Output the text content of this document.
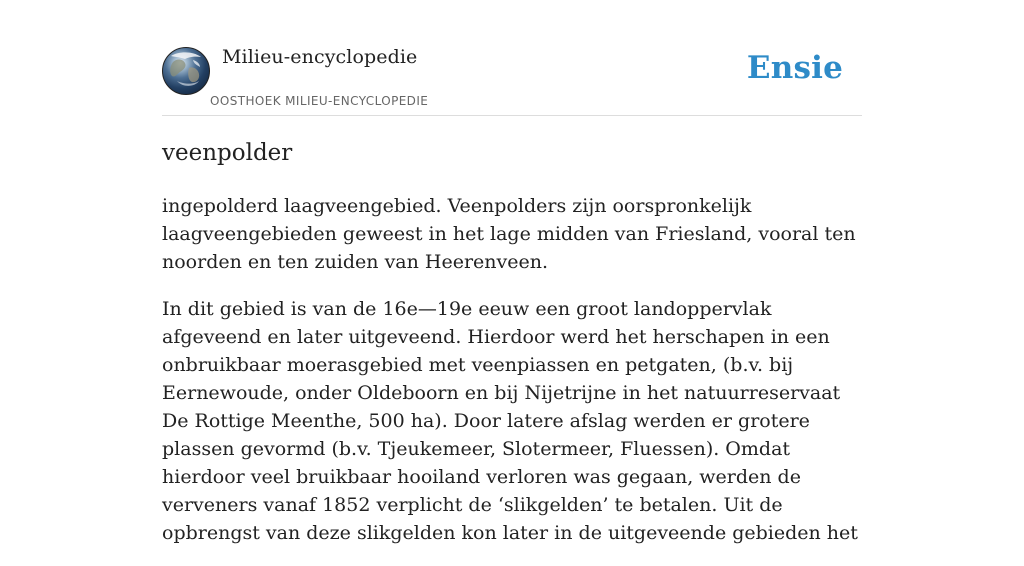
Milieu-encyclopedie
OOSTHOEK MILIEU-ENCYCLOPEDIE
Ensie
veenpolder

ingepolderd laagveengebied. Veenpolders zijn oorspronkelijk laagveengebieden geweest in het lage midden van Friesland, vooral ten noorden en ten zuiden van Heerenveen.

In dit gebied is van de 16e—19e eeuw een groot landoppervlak afgeveend en later uitgeveend. Hierdoor werd het herschapen in een onbruikbaar moerasgebied met veenpiassen en petgaten, (b.v. bij Eernewoude, onder Oldeboorn en bij Nijetrijne in het natuurreservaat De Rottige Meenthe, 500 ha). Door latere afslag werden er grotere plassen gevormd (b.v. Tjeukemeer, Slotermeer, Fluessen). Omdat hierdoor veel bruikbaar hooiland verloren was gegaan, werden de verveners vanaf 1852 verplicht de ‘slikgelden’ te betalen. Uit de opbrengst van deze slikgelden kon later in de uitgeveende gebieden het
